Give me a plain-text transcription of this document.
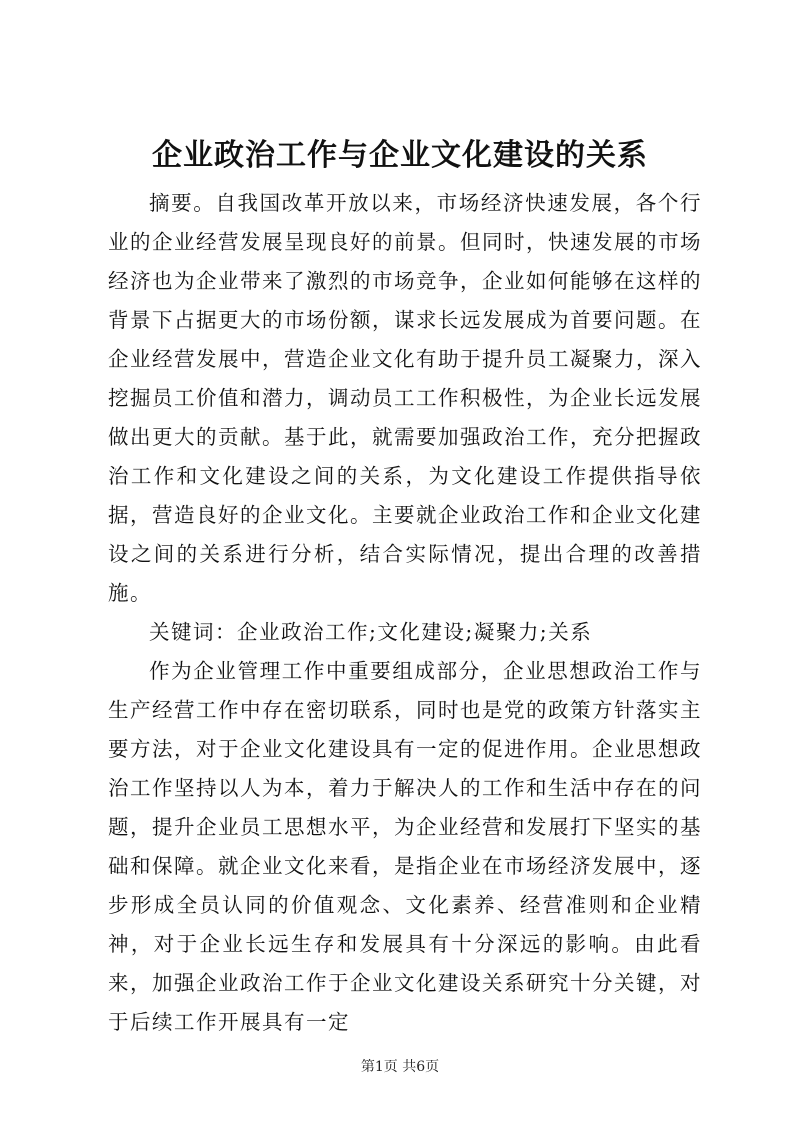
企业政治工作与企业文化建设的关系

摘要。自我国改革开放以来，市场经济快速发展，各个行业的企业经营发展呈现良好的前景。但同时，快速发展的市场经济也为企业带来了激烈的市场竞争，企业如何能够在这样的背景下占据更大的市场份额，谋求长远发展成为首要问题。在企业经营发展中，营造企业文化有助于提升员工凝聚力，深入挖掘员工价值和潜力，调动员工工作积极性，为企业长远发展做出更大的贡献。基于此，就需要加强政治工作，充分把握政治工作和文化建设之间的关系，为文化建设工作提供指导依据，营造良好的企业文化。主要就企业政治工作和企业文化建设之间的关系进行分析，结合实际情况，提出合理的改善措施。

关键词：企业政治工作;文化建设;凝聚力;关系

作为企业管理工作中重要组成部分，企业思想政治工作与生产经营工作中存在密切联系，同时也是党的政策方针落实主要方法，对于企业文化建设具有一定的促进作用。企业思想政治工作坚持以人为本，着力于解决人的工作和生活中存在的问题，提升企业员工思想水平，为企业经营和发展打下坚实的基础和保障。就企业文化来看，是指企业在市场经济发展中，逐步形成全员认同的价值观念、文化素养、经营准则和企业精神，对于企业长远生存和发展具有十分深远的影响。由此看来，加强企业政治工作于企业文化建设关系研究十分关键，对于后续工作开展具有一定

第1页 共6页
